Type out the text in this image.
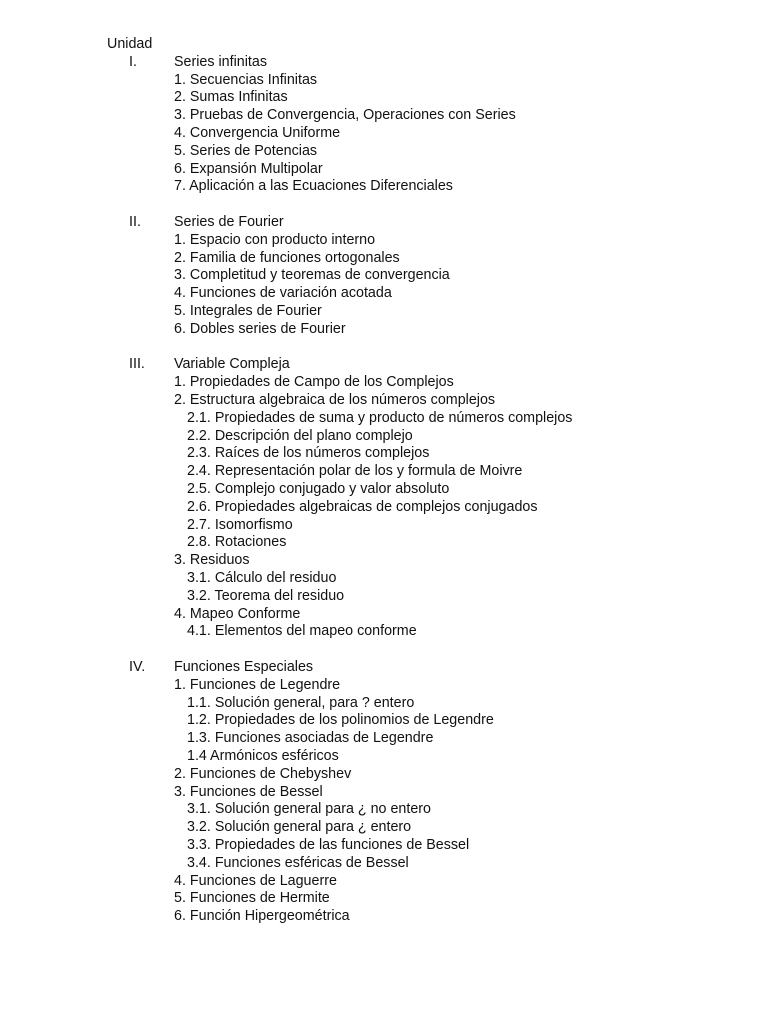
Unidad
I.	Series infinitas
1. Secuencias Infinitas
2. Sumas Infinitas
3. Pruebas de Convergencia, Operaciones con Series
4. Convergencia Uniforme
5. Series de Potencias
6. Expansión Multipolar
7. Aplicación a las Ecuaciones Diferenciales
II. Series de Fourier
1. Espacio con producto interno
2. Familia de funciones ortogonales
3. Completitud y teoremas de convergencia
4. Funciones de variación acotada
5. Integrales de Fourier
6. Dobles series de Fourier
III. Variable Compleja
1. Propiedades de Campo de los Complejos
2. Estructura algebraica de los números complejos
2.1. Propiedades de suma y producto de números complejos
2.2. Descripción del plano complejo
2.3. Raíces de los números complejos
2.4. Representación polar de los y formula de Moivre
2.5. Complejo conjugado y valor absoluto
2.6. Propiedades algebraicas de complejos conjugados
2.7. Isomorfismo
2.8. Rotaciones
3. Residuos
3.1. Cálculo del residuo
3.2. Teorema del residuo
4. Mapeo Conforme
4.1. Elementos del mapeo conforme
IV. Funciones Especiales
1. Funciones de Legendre
1.1. Solución general, para ? entero
1.2. Propiedades de los polinomios de Legendre
1.3. Funciones asociadas de Legendre
1.4 Armónicos esféricos
2. Funciones de Chebyshev
3. Funciones de Bessel
3.1. Solución general para ¿ no entero
3.2. Solución general para ¿ entero
3.3. Propiedades de las funciones de Bessel
3.4. Funciones esféricas de Bessel
4. Funciones de Laguerre
5. Funciones de Hermite
6. Función Hipergeométrica
